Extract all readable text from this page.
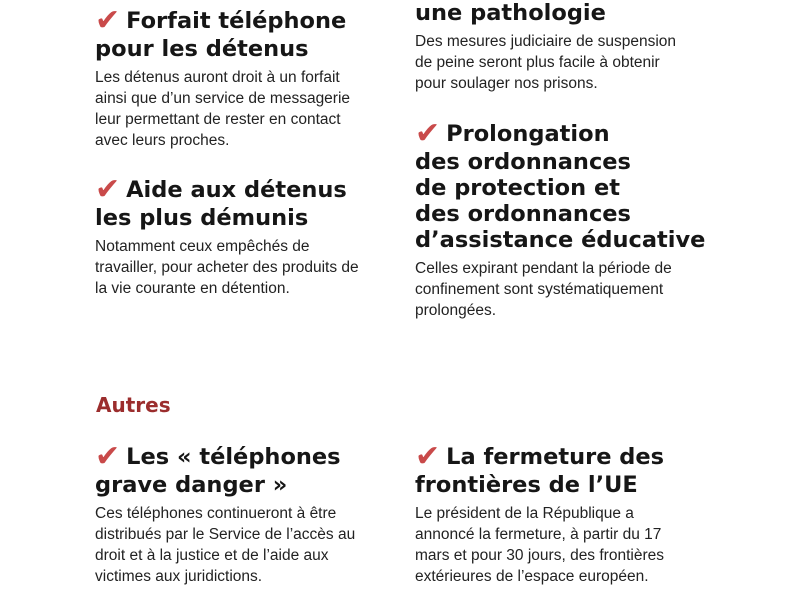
✔ Forfait téléphone
pour les détenus

Les détenus auront droit à un forfait
ainsi que d’un service de messagerie
leur permettant de rester en contact
avec leurs proches.

✔ Aide aux détenus
les plus démunis

Notamment ceux empêchés de
travailler, pour acheter des produits de
la vie courante en détention.

une pathologie

Des mesures judiciaire de suspension
de peine seront plus facile à obtenir
pour soulager nos prisons.

✔ Prolongation
des ordonnances
de protection et
des ordonnances
d’assistance éducative

Celles expirant pendant la période de
confinement sont systématiquement
prolongées.

Autres
✔ Les « téléphones
grave danger »

Ces téléphones continueront à être
distribués par le Service de l’accès au
droit et à la justice et de l’aide aux
victimes aux juridictions.

✔ La fermeture des
frontières de l’UE

Le président de la République a
annoncé la fermeture, à partir du 17
mars et pour 30 jours, des frontières
extérieures de l’espace européen.
